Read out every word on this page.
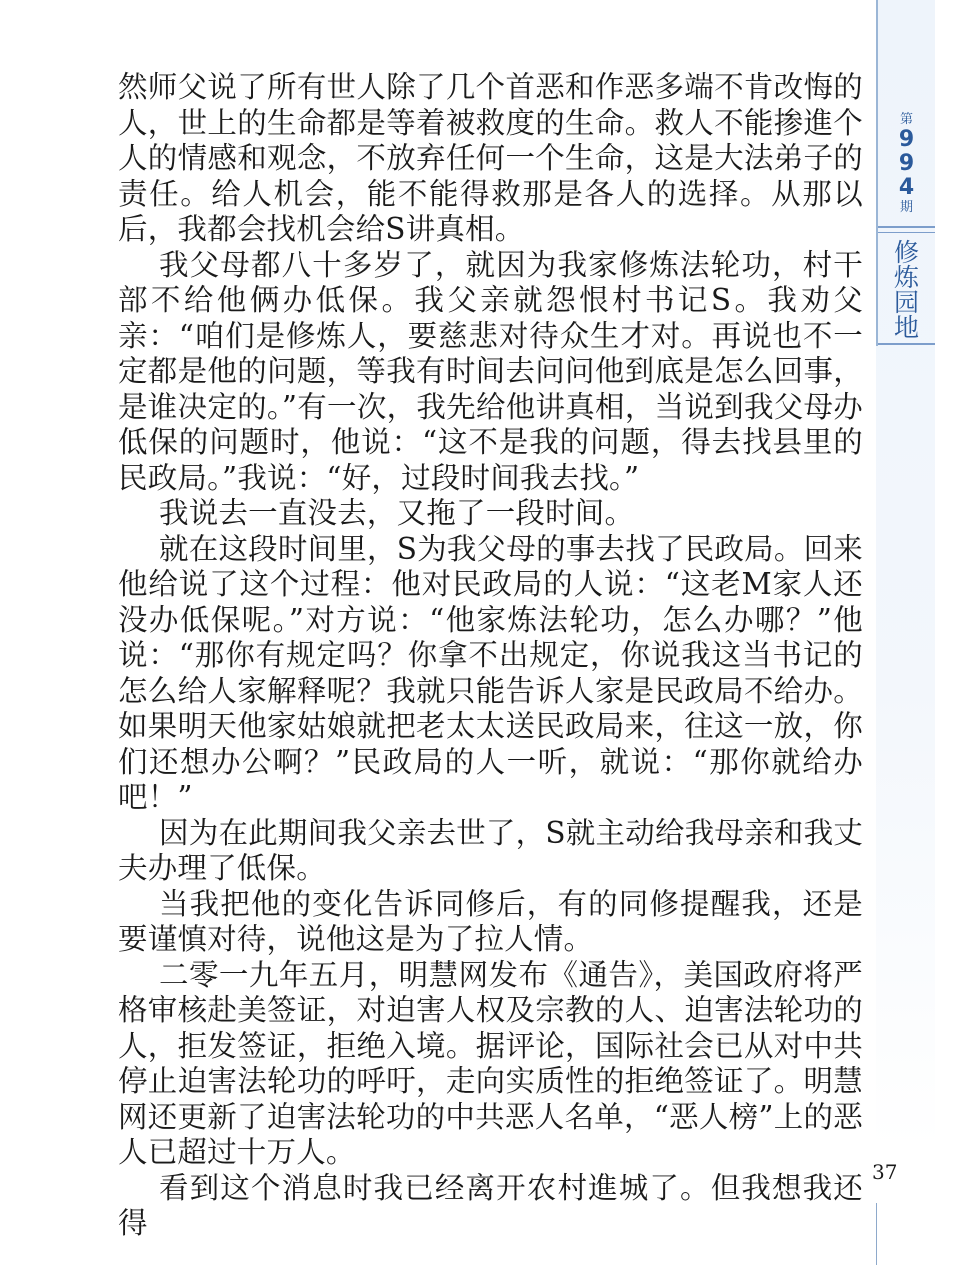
第
9
9
4
期
修
炼
园
地

然师父说了所有世人除了几个首恶和作恶多端不肯改悔的人，世上的生命都是等着被救度的生命。救人不能掺進个人的情感和观念，不放弃任何一个生命，这是大法弟子的责任。给人机会，能不能得救那是各人的选择。从那以后，我都会找机会给S讲真相。

我父母都八十多岁了，就因为我家修炼法轮功，村干部不给他俩办低保。我父亲就怨恨村书记S。我劝父亲：“咱们是修炼人，要慈悲对待众生才对。再说也不一定都是他的问题，等我有时间去问问他到底是怎么回事，是谁决定的。”有一次，我先给他讲真相，当说到我父母办低保的问题时，他说：“这不是我的问题，得去找县里的民政局。”我说：“好，过段时间我去找。”

我说去一直没去，又拖了一段时间。

就在这段时间里，S为我父母的事去找了民政局。回来他给说了这个过程：他对民政局的人说：“这老M家人还没办低保呢。”对方说：“他家炼法轮功，怎么办哪？”他说：“那你有规定吗？你拿不出规定，你说我这当书记的怎么给人家解释呢？我就只能告诉人家是民政局不给办。如果明天他家姑娘就把老太太送民政局来，往这一放，你们还想办公啊？”民政局的人一听，就说：“那你就给办吧！”

因为在此期间我父亲去世了，S就主动给我母亲和我丈夫办理了低保。

当我把他的变化告诉同修后，有的同修提醒我，还是要谨慎对待，说他这是为了拉人情。

二零一九年五月，明慧网发布《通告》，美国政府将严格审核赴美签证，对迫害人权及宗教的人、迫害法轮功的人，拒发签证，拒绝入境。据评论，国际社会已从对中共停止迫害法轮功的呼吁，走向实质性的拒绝签证了。明慧网还更新了迫害法轮功的中共恶人名单，“恶人榜”上的恶人已超过十万人。

看到这个消息时我已经离开农村進城了。但我想我还得

37
